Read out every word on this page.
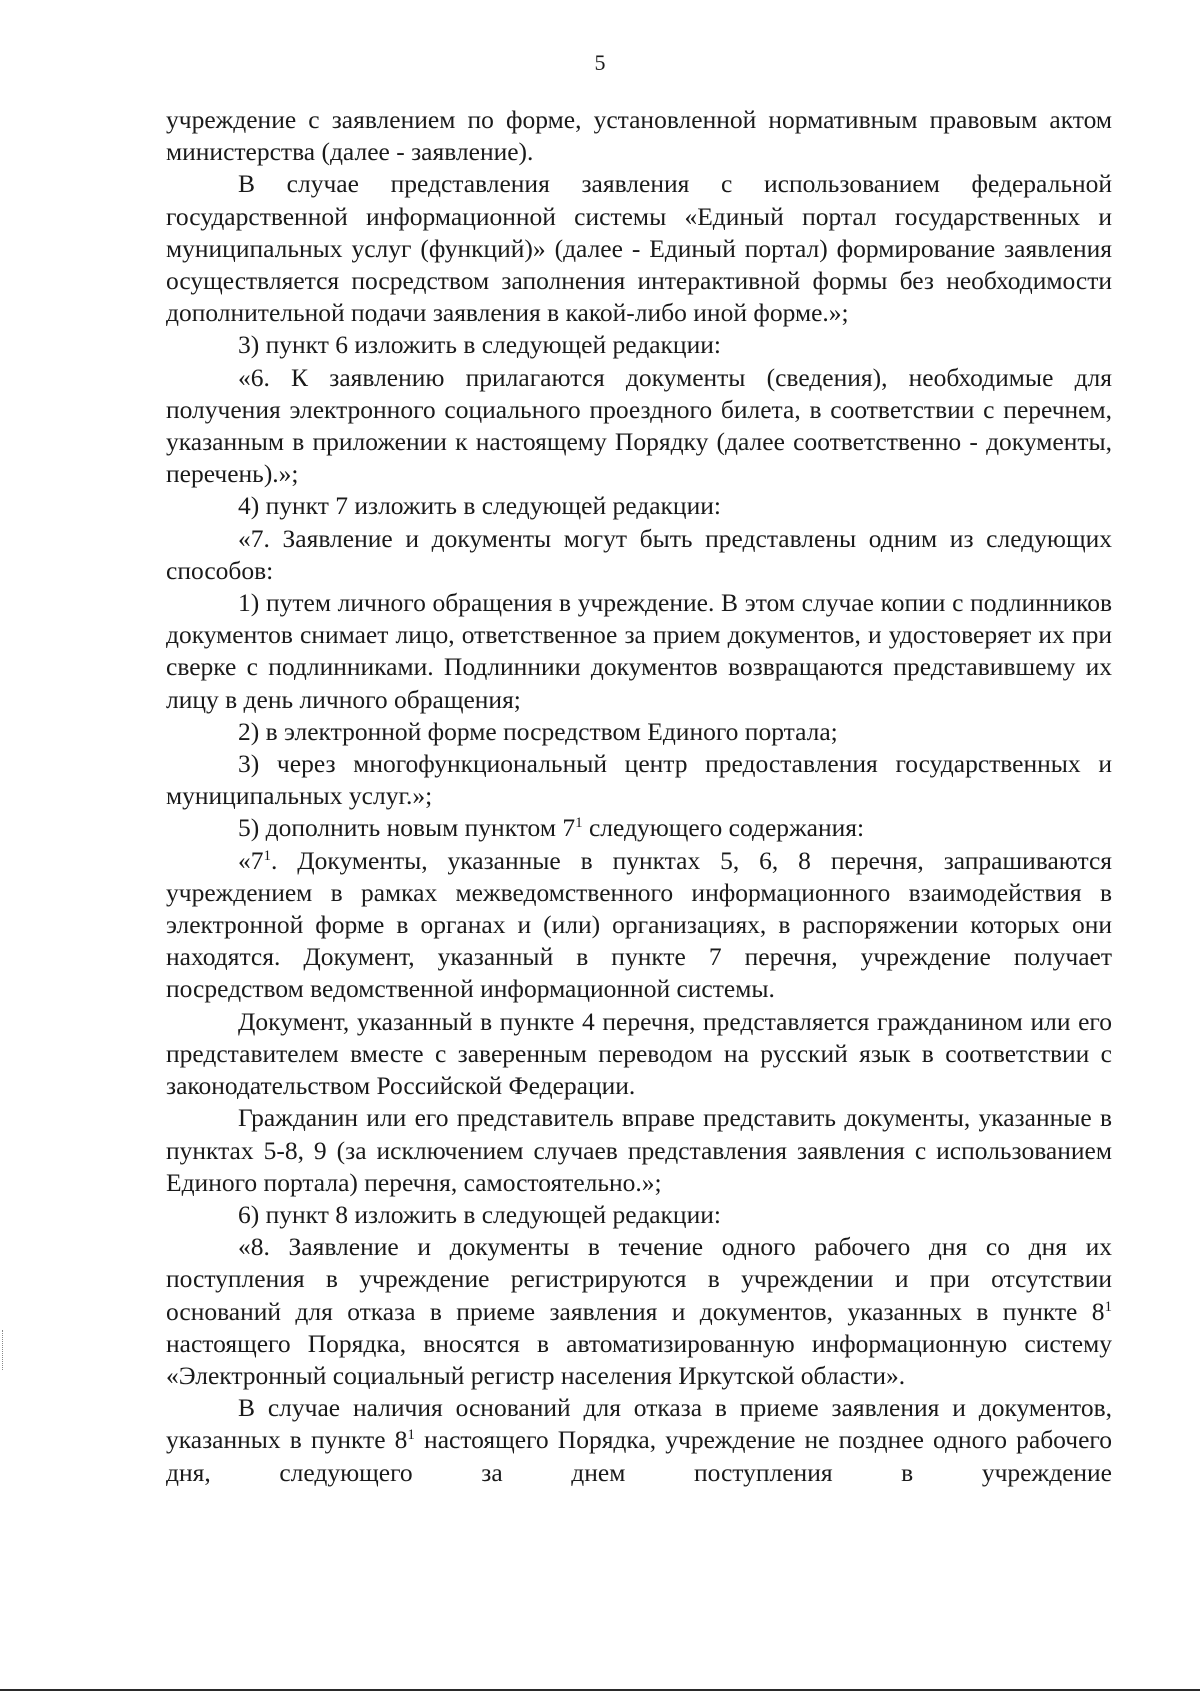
5

учреждение с заявлением по форме, установленной нормативным правовым актом министерства (далее - заявление).

В случае представления заявления с использованием федеральной государственной информационной системы «Единый портал государственных и муниципальных услуг (функций)» (далее - Единый портал) формирование заявления осуществляется посредством заполнения интерактивной формы без необходимости дополнительной подачи заявления в какой-либо иной форме.»;

3) пункт 6 изложить в следующей редакции:

«6. К заявлению прилагаются документы (сведения), необходимые для получения электронного социального проездного билета, в соответствии с перечнем, указанным в приложении к настоящему Порядку (далее соответственно - документы, перечень).»;

4) пункт 7 изложить в следующей редакции:

«7. Заявление и документы могут быть представлены одним из следующих способов:

1) путем личного обращения в учреждение. В этом случае копии с подлинников документов снимает лицо, ответственное за прием документов, и удостоверяет их при сверке с подлинниками. Подлинники документов возвращаются представившему их лицу в день личного обращения;

2) в электронной форме посредством Единого портала;

3) через многофункциональный центр предоставления государственных и муниципальных услуг.»;

5) дополнить новым пунктом $7^1$ следующего содержания:

«$7^1$. Документы, указанные в пунктах 5, 6, 8 перечня, запрашиваются учреждением в рамках межведомственного информационного взаимодействия в электронной форме в органах и (или) организациях, в распоряжении которых они находятся. Документ, указанный в пункте 7 перечня, учреждение получает посредством ведомственной информационной системы.

Документ, указанный в пункте 4 перечня, представляется гражданином или его представителем вместе с заверенным переводом на русский язык в соответствии с законодательством Российской Федерации.

Гражданин или его представитель вправе представить документы, указанные в пунктах 5-8, 9 (за исключением случаев представления заявления с использованием Единого портала) перечня, самостоятельно.»;

6) пункт 8 изложить в следующей редакции:

«8. Заявление и документы в течение одного рабочего дня со дня их поступления в учреждение регистрируются в учреждении и при отсутствии оснований для отказа в приеме заявления и документов, указанных в пункте $8^1$ настоящего Порядка, вносятся в автоматизированную информационную систему «Электронный социальный регистр населения Иркутской области».

В случае наличия оснований для отказа в приеме заявления и документов, указанных в пункте $8^1$ настоящего Порядка, учреждение не позднее одного рабочего дня, следующего за днем поступления в учреждение
